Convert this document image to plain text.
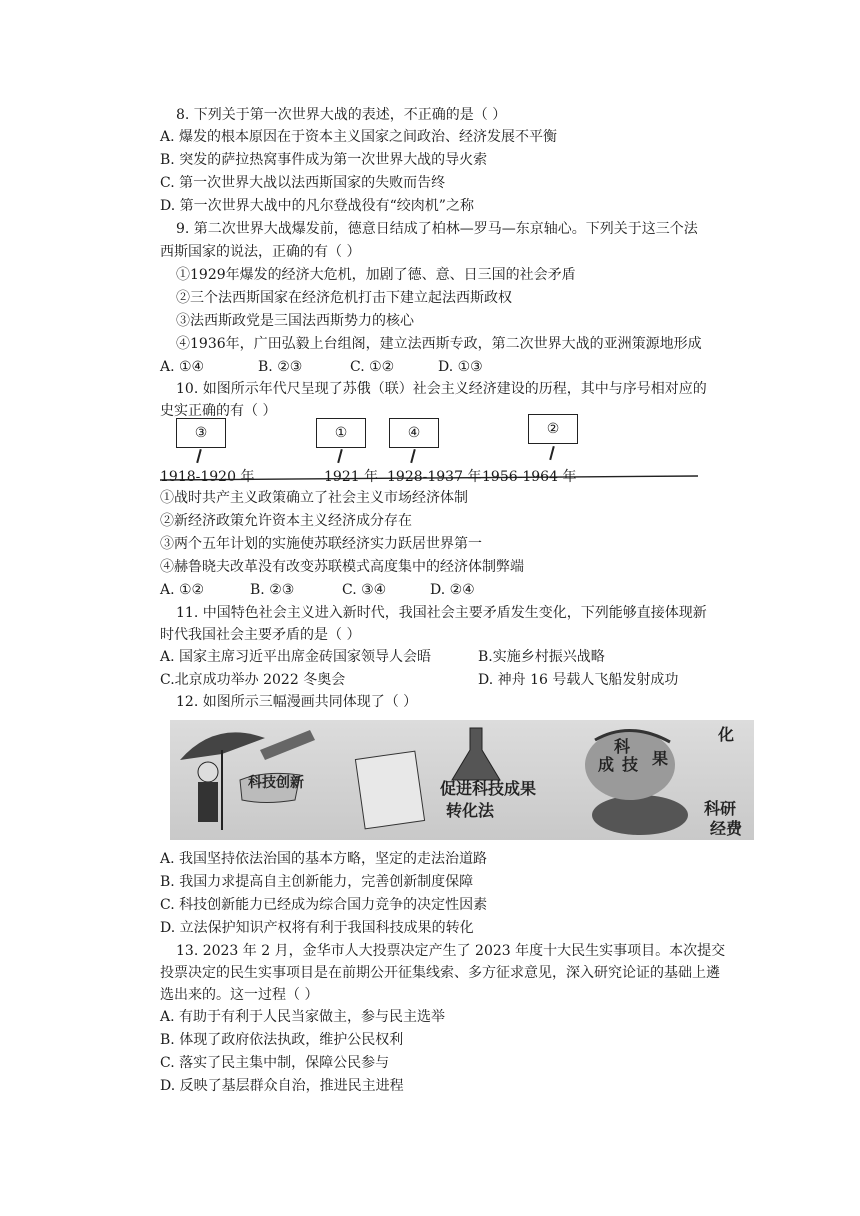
8. 下列关于第一次世界大战的表述，不正确的是（ ）
A. 爆发的根本原因在于资本主义国家之间政治、经济发展不平衡
B. 突发的萨拉热窝事件成为第一次世界大战的导火索
C. 第一次世界大战以法西斯国家的失败而告终
D. 第一次世界大战中的凡尔登战役有“绞肉机”之称
9. 第二次世界大战爆发前，德意日结成了柏林—罗马—东京轴心。下列关于这三个法
西斯国家的说法，正确的有（ ）
①1929年爆发的经济大危机，加剧了德、意、日三国的社会矛盾
②三个法西斯国家在经济危机打击下建立起法西斯政权
③法西斯政党是三国法西斯势力的核心
④1936年，广田弘毅上台组阁，建立法西斯专政，第二次世界大战的亚洲策源地形成
A. ①④	B. ②③	C. ①②	D. ①③
10. 如图所示年代尺呈现了苏俄（联）社会主义经济建设的历程，其中与序号相对应的
史实正确的有（ ）
③	①	④	②
1918-1920 年	1921 年 1928-1937 年 1956-1964 年
①战时共产主义政策确立了社会主义市场经济体制
②新经济政策允许资本主义经济成分存在
③两个五年计划的实施使苏联经济实力跃居世界第一
④赫鲁晓夫改革没有改变苏联模式高度集中的经济体制弊端
A. ①②	B. ②③	C. ③④	D. ②④
11. 中国特色社会主义进入新时代，我国社会主要矛盾发生变化，下列能够直接体现新
时代我国社会主要矛盾的是（ ）
A. 国家主席习近平出席金砖国家领导人会晤	B.实施乡村振兴战略
C.北京成功举办 2022 冬奥会	D. 神舟 16 号载人飞船发射成功
12. 如图所示三幅漫画共同体现了（ ）
科技创新	促进科技成果
转化法
科
技
成 果
化
科研
经费
A. 我国坚持依法治国的基本方略，坚定的走法治道路
B. 我国力求提高自主创新能力，完善创新制度保障
C. 科技创新能力已经成为综合国力竞争的决定性因素
D. 立法保护知识产权将有利于我国科技成果的转化
13. 2023 年 2 月，金华市人大投票决定产生了 2023 年度十大民生实事项目。本次提交
投票决定的民生实事项目是在前期公开征集线索、多方征求意见，深入研究论证的基础上遴
选出来的。这一过程（ ）
A. 有助于有利于人民当家做主，参与民主选举
B. 体现了政府依法执政，维护公民权利
C. 落实了民主集中制，保障公民参与
D. 反映了基层群众自治，推进民主进程
